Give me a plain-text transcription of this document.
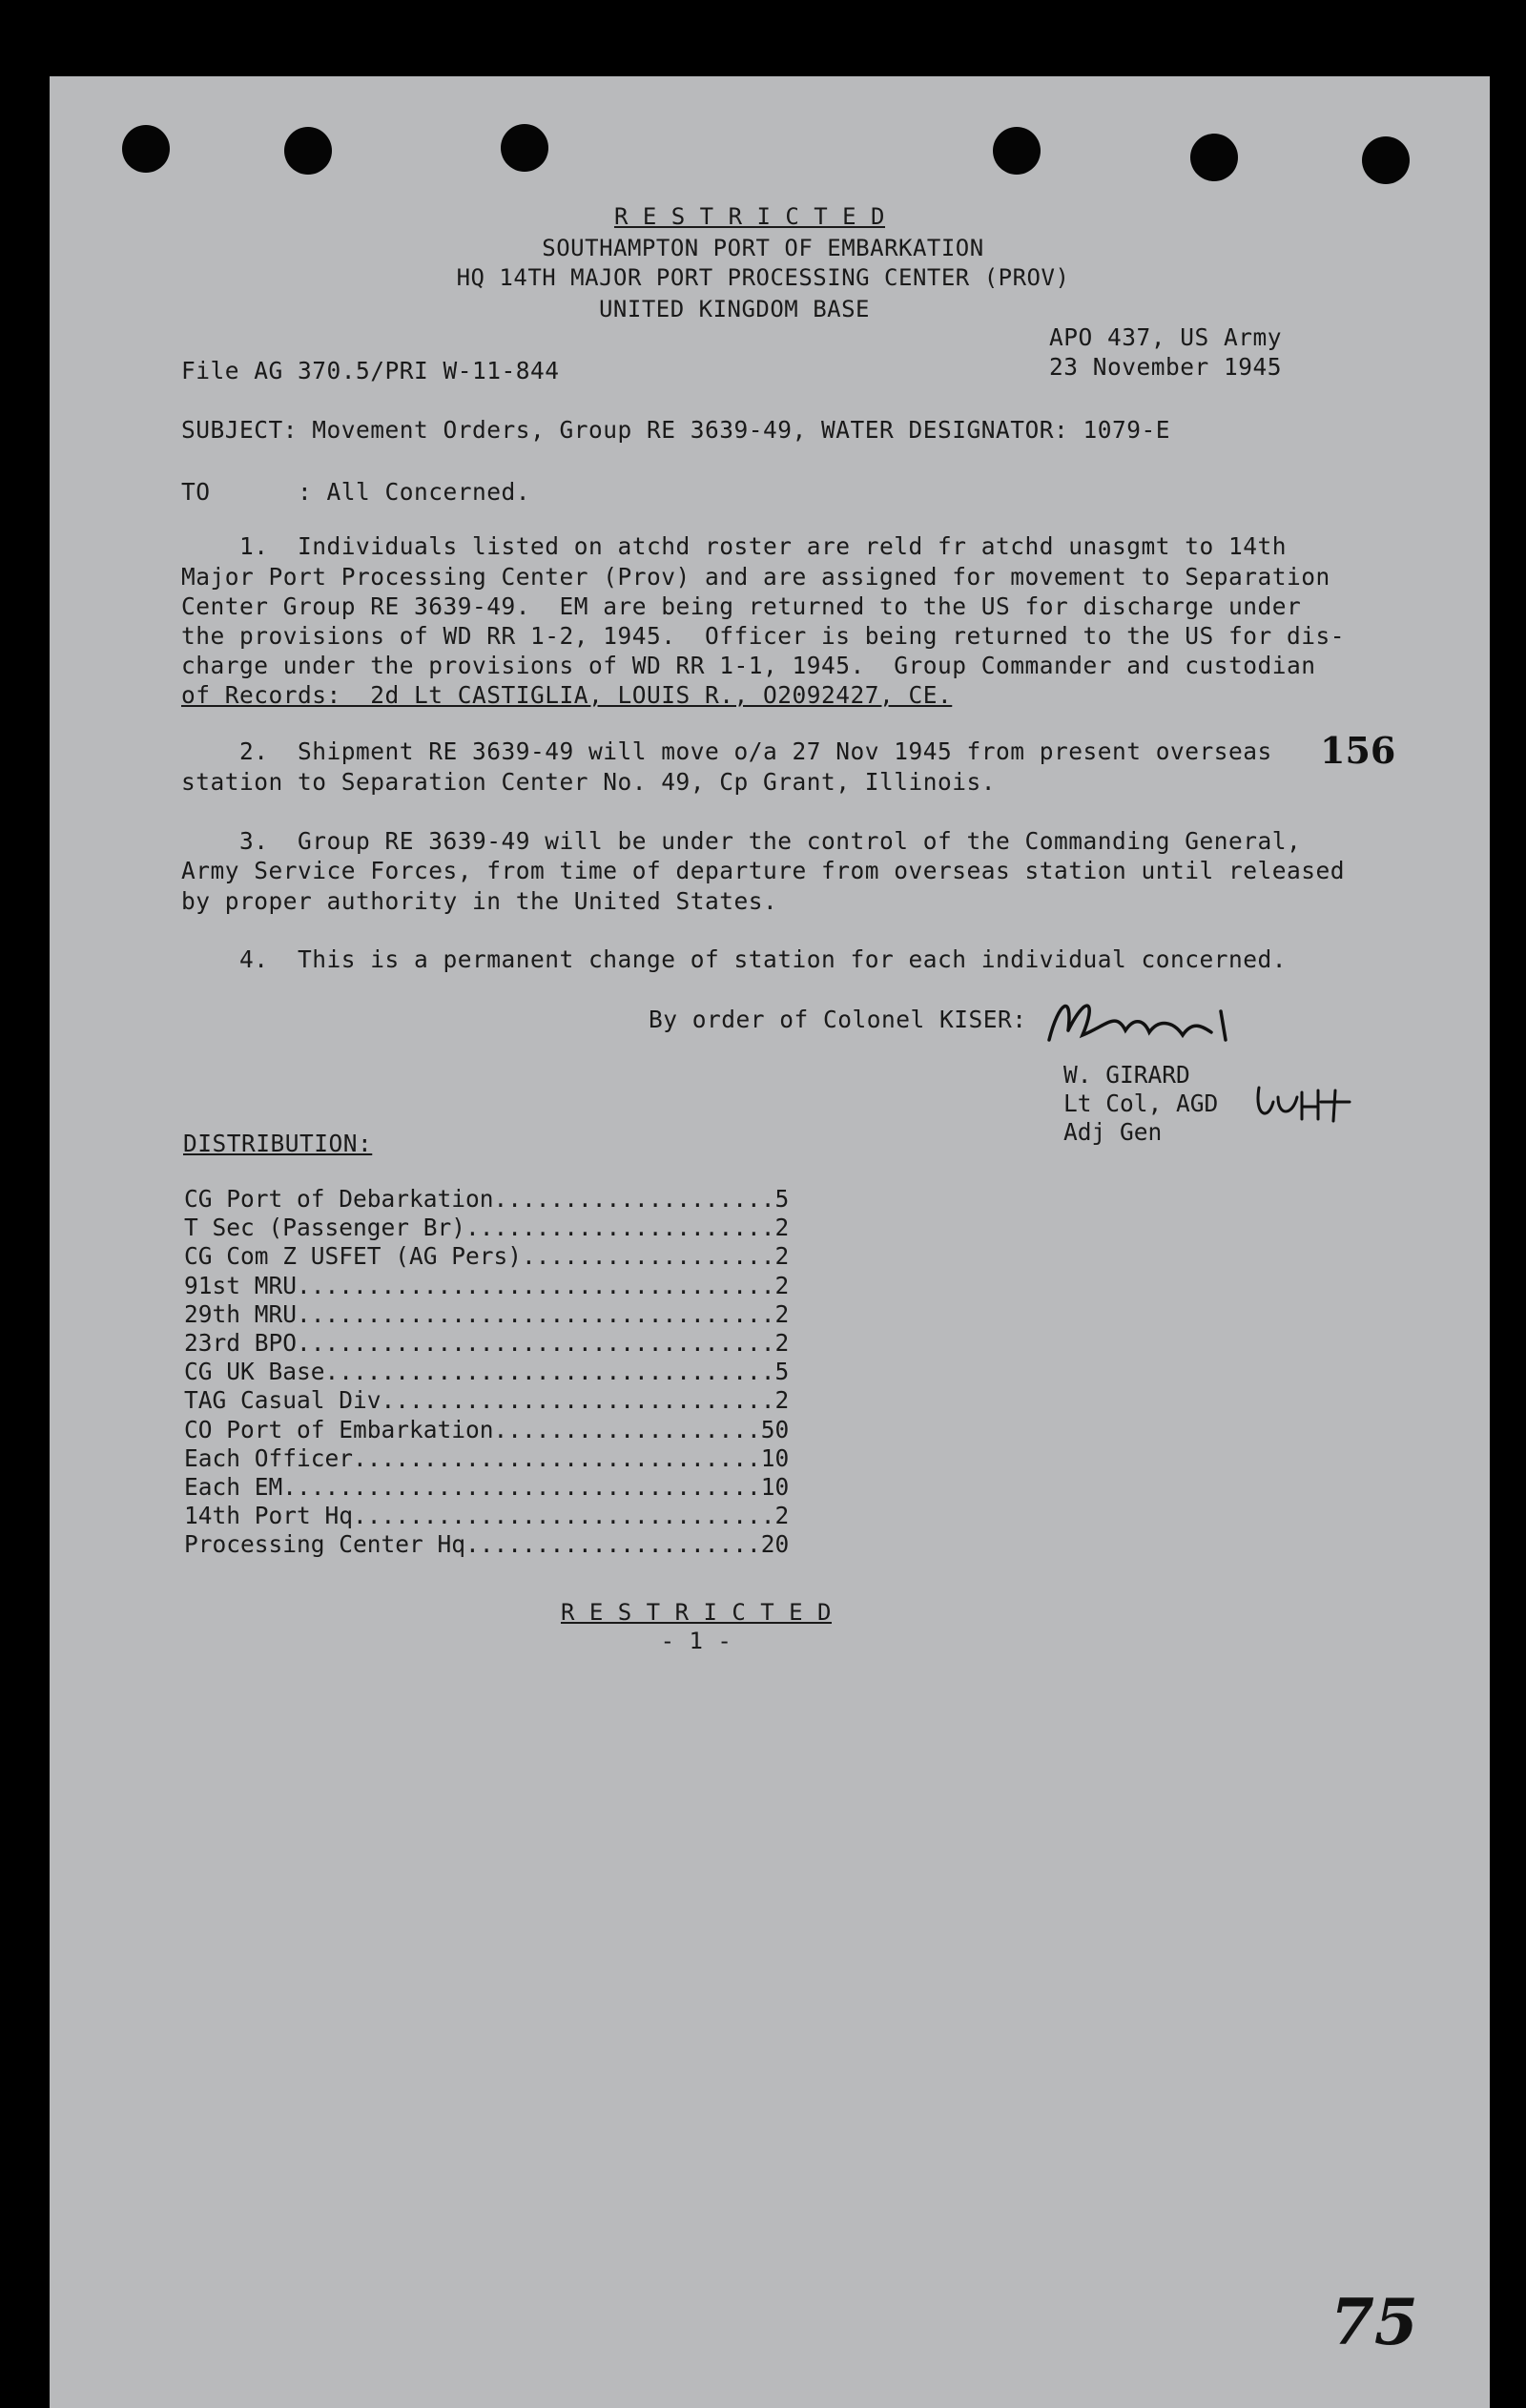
R E S T R I C T E D
SOUTHAMPTON PORT OF EMBARKATION
HQ 14TH MAJOR PORT PROCESSING CENTER (PROV)
UNITED KINGDOM BASE
APO 437, US Army
23 November 1945
File AG 370.5/PRI W-11-844
SUBJECT: Movement Orders, Group RE 3639-49, WATER DESIGNATOR: 1079-E
TO      : All Concerned.
1.  Individuals listed on atchd roster are reld fr atchd unasgmt to 14th
Major Port Processing Center (Prov) and are assigned for movement to Separation
Center Group RE 3639-49.  EM are being returned to the US for discharge under
the provisions of WD RR 1-2, 1945.  Officer is being returned to the US for dis-
charge under the provisions of WD RR 1-1, 1945.  Group Commander and custodian
of Records:  2d Lt CASTIGLIA, LOUIS R., O2092427, CE.
2.  Shipment RE 3639-49 will move o/a 27 Nov 1945 from present overseas
station to Separation Center No. 49, Cp Grant, Illinois.
156
3.  Group RE 3639-49 will be under the control of the Commanding General,
Army Service Forces, from time of departure from overseas station until released
by proper authority in the United States.
4.  This is a permanent change of station for each individual concerned.
By order of Colonel KISER:
W. GIRARD
Lt Col, AGD
Adj Gen
DISTRIBUTION:
CG Port of Debarkation....................5
T Sec (Passenger Br)......................2
CG Com Z USFET (AG Pers)..................2
91st MRU..................................2
29th MRU..................................2
23rd BPO..................................2
CG UK Base................................5
TAG Casual Div............................2
CO Port of Embarkation...................50
Each Officer.............................10
Each EM..................................10
14th Port Hq..............................2
Processing Center Hq.....................20
R E S T R I C T E D
- 1 -
75
